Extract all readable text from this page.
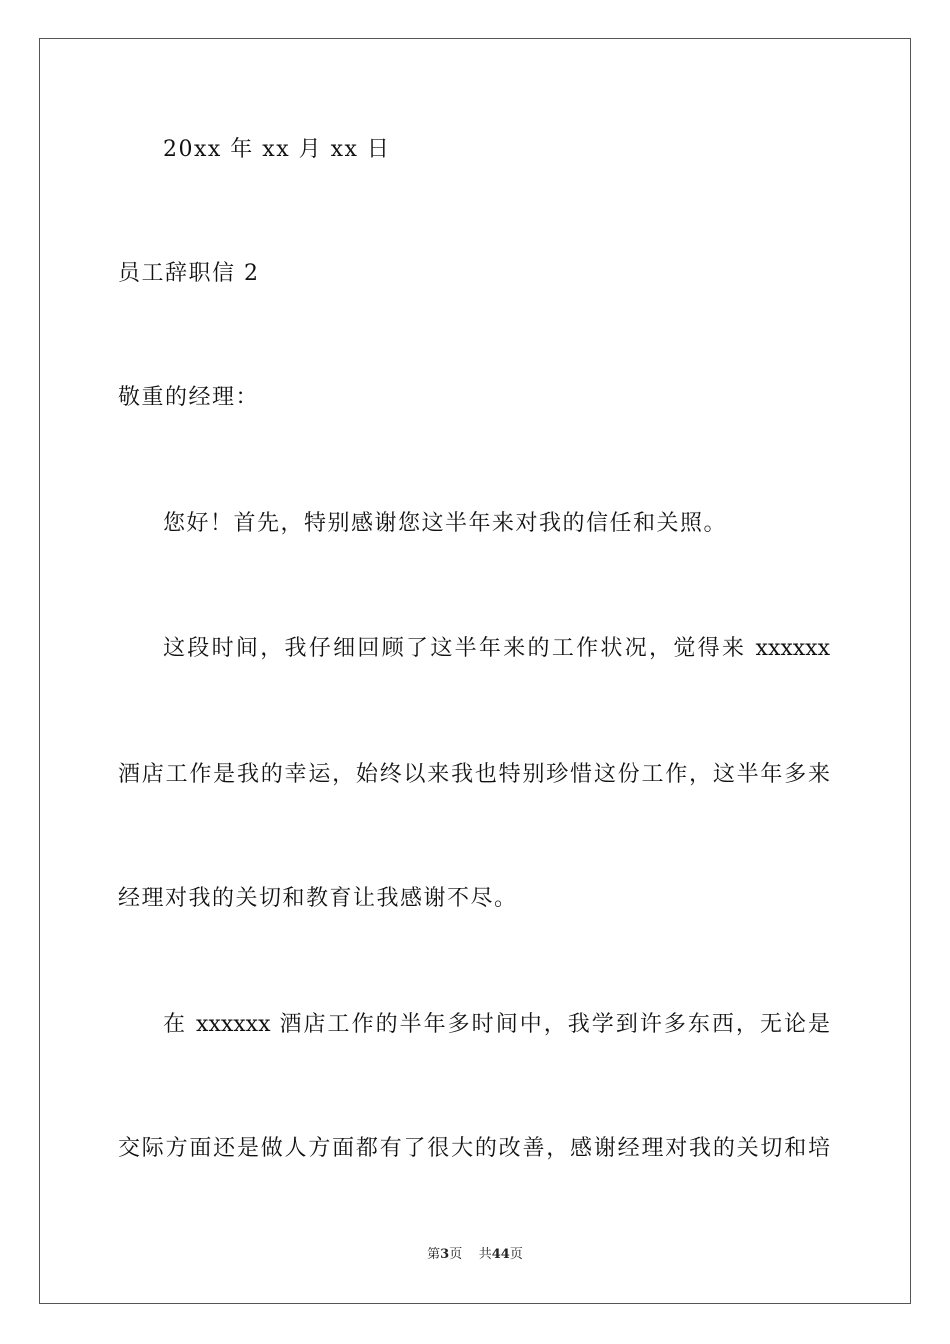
20xx 年 xx 月 xx 日
员工辞职信 2
敬重的经理：
您好！首先，特别感谢您这半年来对我的信任和关照。
这段时间，我仔细回顾了这半年来的工作状况，觉得来 xxxxxx
酒店工作是我的幸运，始终以来我也特别珍惜这份工作，这半年多来
经理对我的关切和教育让我感谢不尽。
在 xxxxxx 酒店工作的半年多时间中，我学到许多东西，无论是
交际方面还是做人方面都有了很大的改善，感谢经理对我的关切和培
第3页 共44页
